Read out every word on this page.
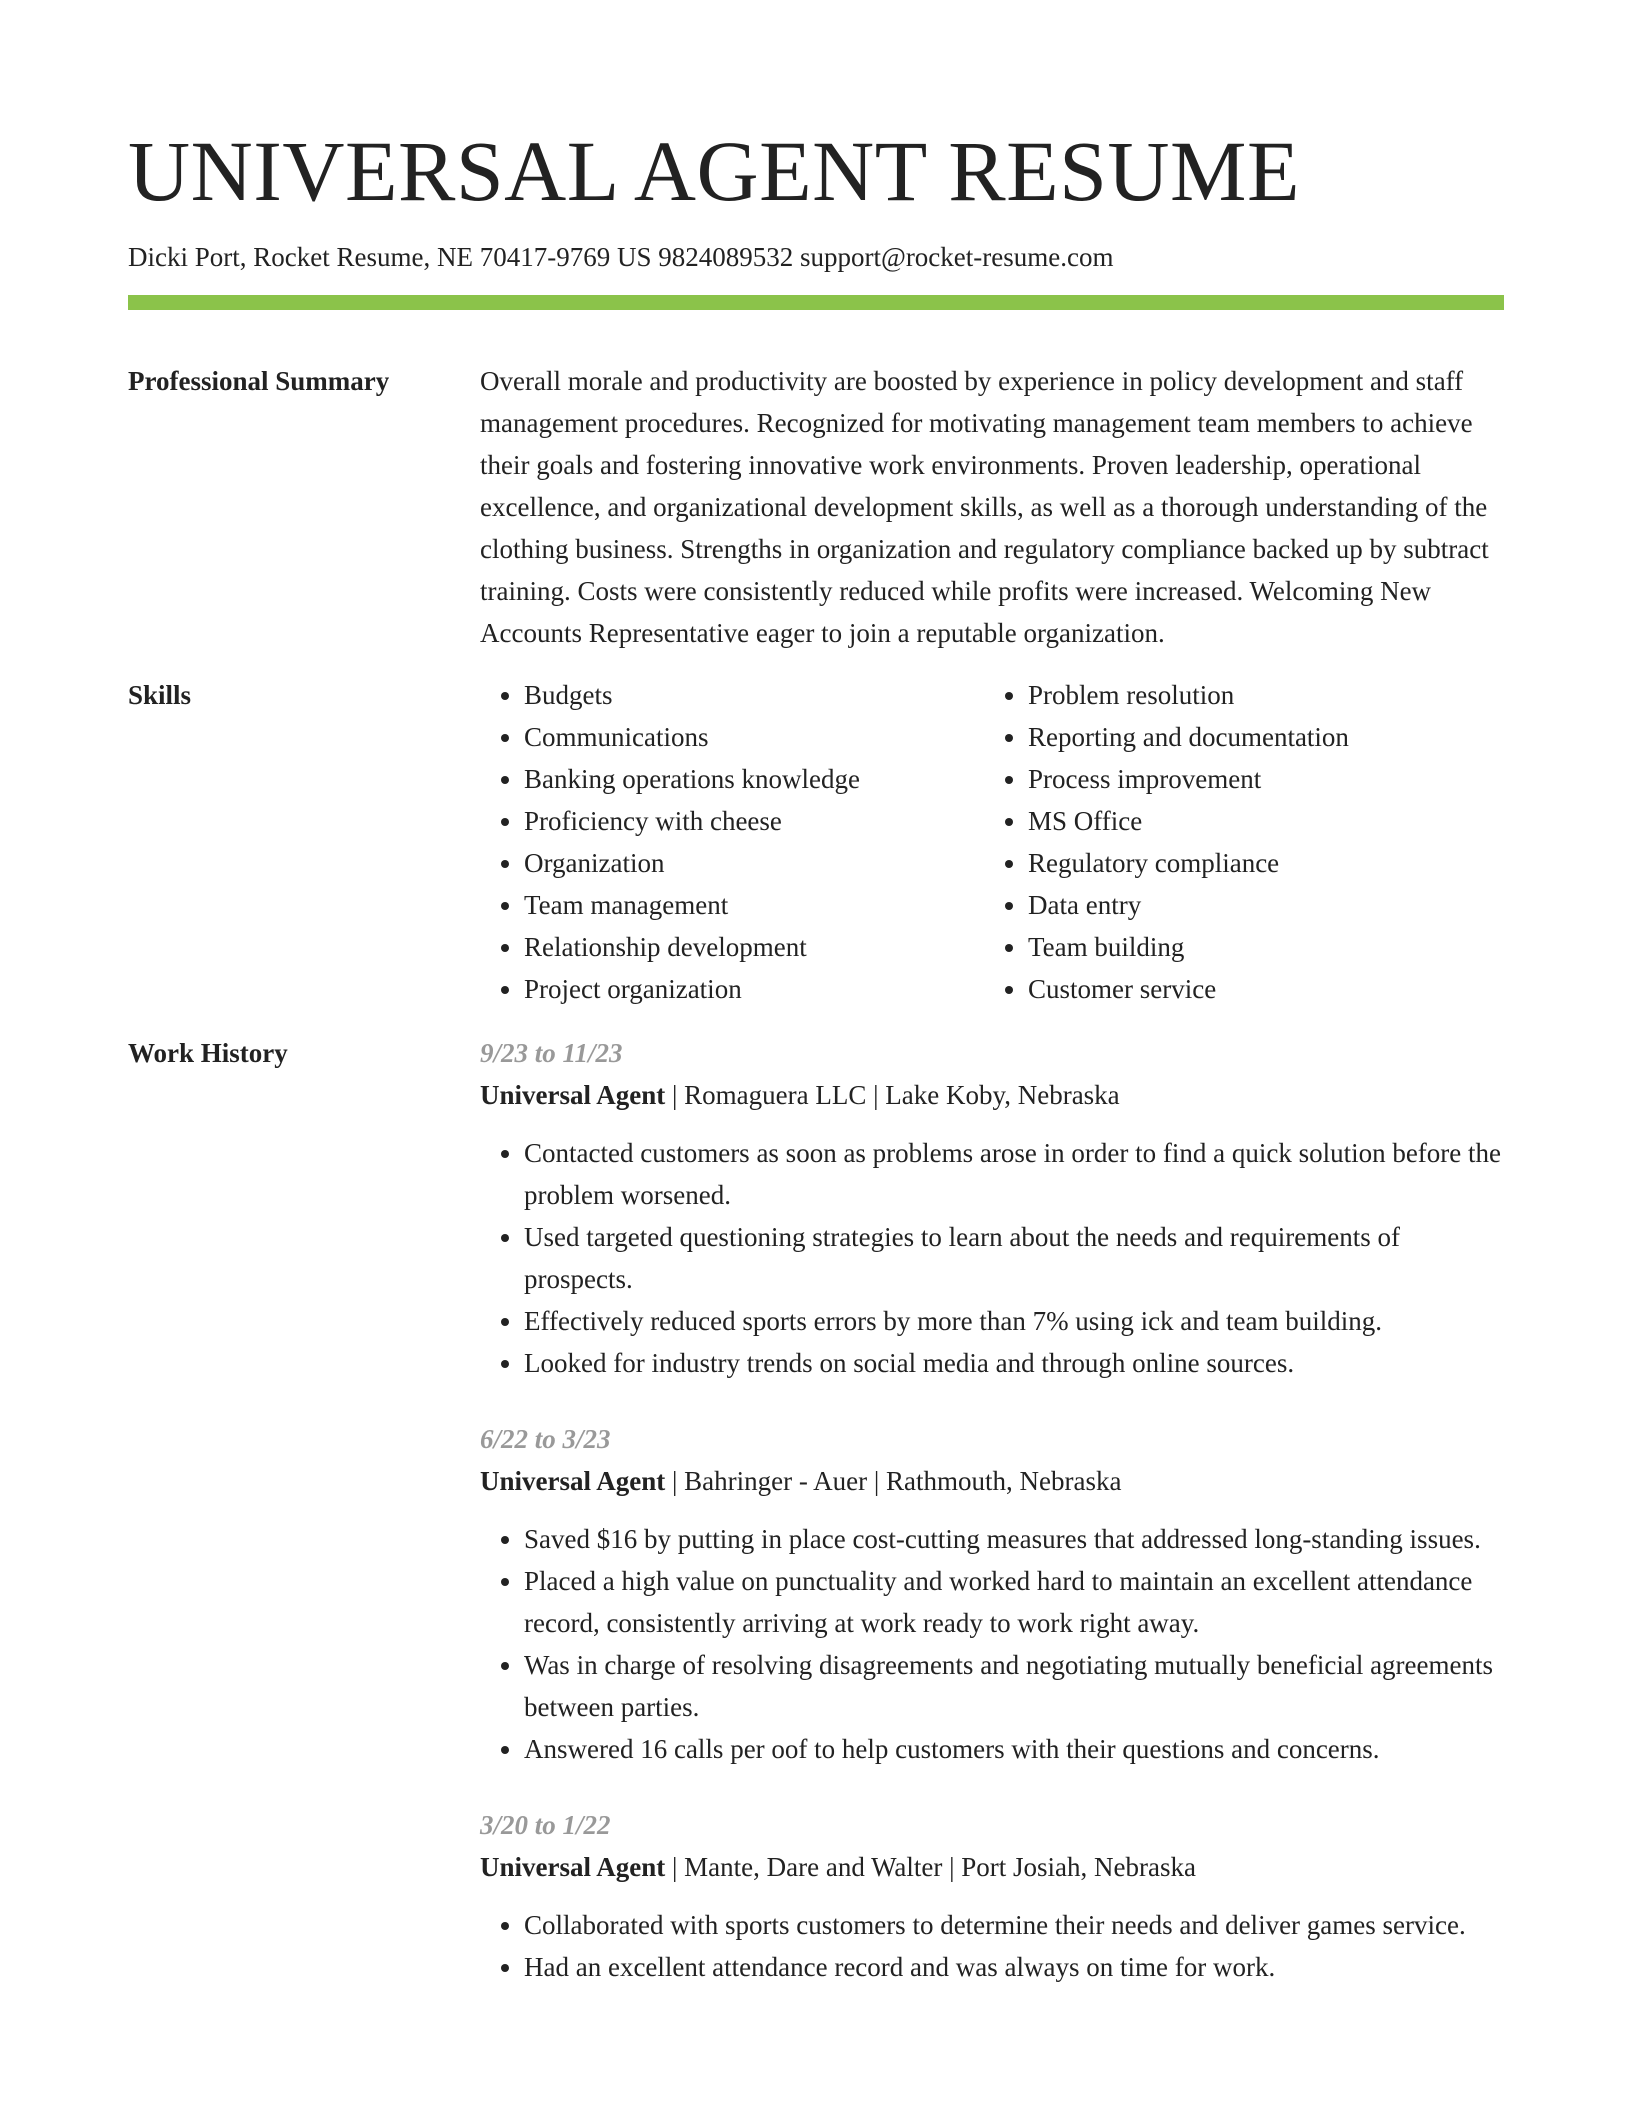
UNIVERSAL AGENT RESUME
Dicki Port, Rocket Resume, NE 70417-9769 US 9824089532 support@rocket-resume.com
Professional Summary	Overall morale and productivity are boosted by experience in policy development and staff management procedures. Recognized for motivating management team members to achieve their goals and fostering innovative work environments. Proven leadership, operational excellence, and organizational development skills, as well as a thorough understanding of the clothing business. Strengths in organization and regulatory compliance backed up by subtract training. Costs were consistently reduced while profits were increased. Welcoming New Accounts Representative eager to join a reputable organization.

Skills
•	Budgets
• Communications
• Banking operations knowledge
• Proficiency with cheese
• Organization
• Team management
• Relationship development
• Project organization
• Problem resolution
• Reporting and documentation
• Process improvement
• MS Office
• Regulatory compliance
• Data entry
• Team building
• Customer service
Work History	9/23 to 11/23
Universal Agent | Romaguera LLC | Lake Koby, Nebraska
• Contacted customers as soon as problems arose in order to find a quick solution before the problem worsened.
• Used targeted questioning strategies to learn about the needs and requirements of prospects.
• Effectively reduced sports errors by more than 7% using ick and team building.
• Looked for industry trends on social media and through online sources.
6/22 to 3/23
Universal Agent | Bahringer - Auer | Rathmouth, Nebraska
• Saved $16 by putting in place cost-cutting measures that addressed long-standing issues.
• Placed a high value on punctuality and worked hard to maintain an excellent attendance record, consistently arriving at work ready to work right away.
• Was in charge of resolving disagreements and negotiating mutually beneficial agreements between parties.
• Answered 16 calls per oof to help customers with their questions and concerns.
3/20 to 1/22
Universal Agent | Mante, Dare and Walter | Port Josiah, Nebraska
• Collaborated with sports customers to determine their needs and deliver games service.
• Had an excellent attendance record and was always on time for work.
